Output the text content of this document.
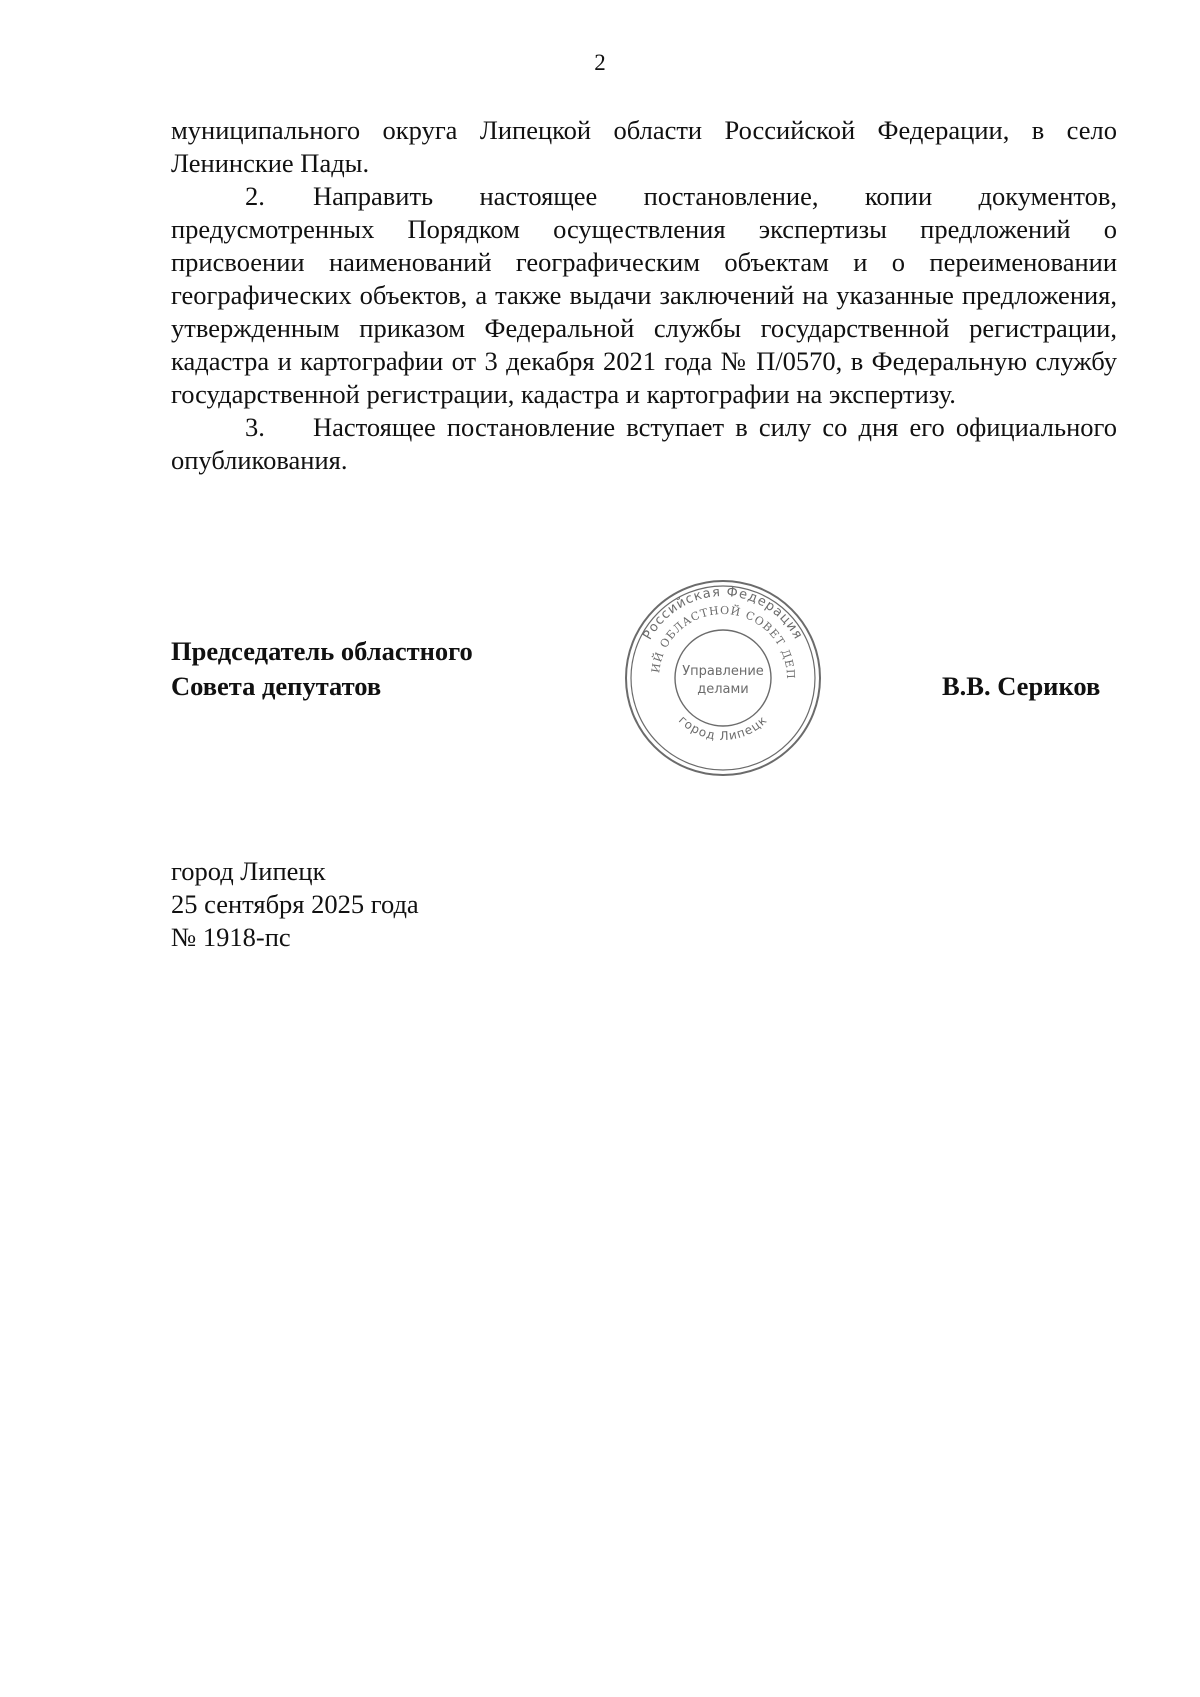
2

муниципального округа Липецкой области Российской Федерации, в село Ленинские Пады.

2. Направить настоящее постановление, копии документов, предусмотренных Порядком осуществления экспертизы предложений о присвоении наименований географическим объектам и о переименовании географических объектов, а также выдачи заключений на указанные предложения, утвержденным приказом Федеральной службы государственной регистрации, кадастра и картографии от 3 декабря 2021 года № П/0570, в Федеральную службу государственной регистрации, кадастра и картографии на экспертизу.

3. Настоящее постановление вступает в силу со дня его официального опубликования.

Председатель областного
Совета депутатов
Российская Федерация
ИЙ ОБЛАСТНОЙ СОВЕТ ДЕП
город Липецк
Управление
делами	В.В. Сериков
город Липецк
25 сентября 2025 года
№ 1918-пс
